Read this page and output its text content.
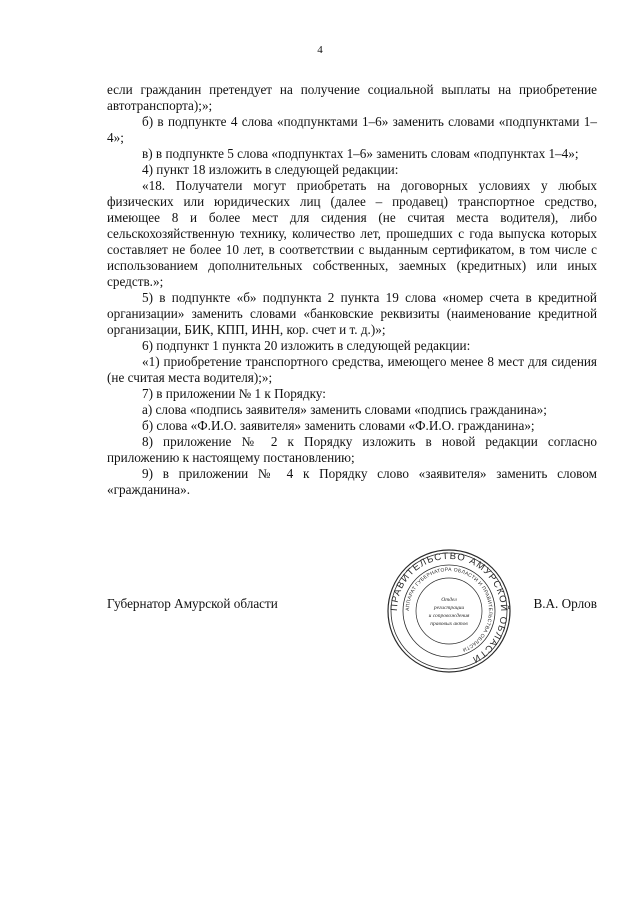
4

если гражданин претендует на получение социальной выплаты на приобретение автотранспорта);»;

б) в подпункте 4 слова «подпунктами 1–6» заменить словами «подпунктами 1–4»;

в) в подпункте 5 слова «подпунктах 1–6» заменить словам «подпунктах 1–4»;

4) пункт 18 изложить в следующей редакции:

«18. Получатели могут приобретать на договорных условиях у любых физических или юридических лиц (далее – продавец) транспортное средство, имеющее 8 и более мест для сидения (не считая места водителя), либо сельскохозяйственную технику, количество лет, прошедших с года выпуска которых составляет не более 10 лет, в соответствии с выданным сертификатом, в том числе с использованием дополнительных собственных, заемных (кредитных) или иных средств.»;

5) в подпункте «б» подпункта 2 пункта 19 слова «номер счета в кредитной организации» заменить словами «банковские реквизиты (наименование кредитной организации, БИК, КПП, ИНН, кор. счет и т. д.)»;

6) подпункт 1 пункта 20 изложить в следующей редакции:

«1) приобретение транспортного средства, имеющего менее 8 мест для сидения (не считая места водителя);»;

7) в приложении № 1 к Порядку:

а) слова «подпись заявителя» заменить словами «подпись гражданина»;

б) слова «Ф.И.О. заявителя» заменить словами «Ф.И.О. гражданина»;

8) приложение № 2 к Порядку изложить в новой редакции согласно приложению к настоящему постановлению;

9) в приложении № 4 к Порядку слово «заявителя» заменить словом «гражданина».

Губернатор Амурской области	В.А. Орлов
ПРАВИТЕЛЬСТВО АМУРСКОЙ ОБЛАСТИ
АППАРАТ ГУБЕРНАТОРА ОБЛАСТИ И ПРАВИТЕЛЬСТВА ОБЛАСТИ
Отдел
регистрации
и сопровождения
правовых актов
